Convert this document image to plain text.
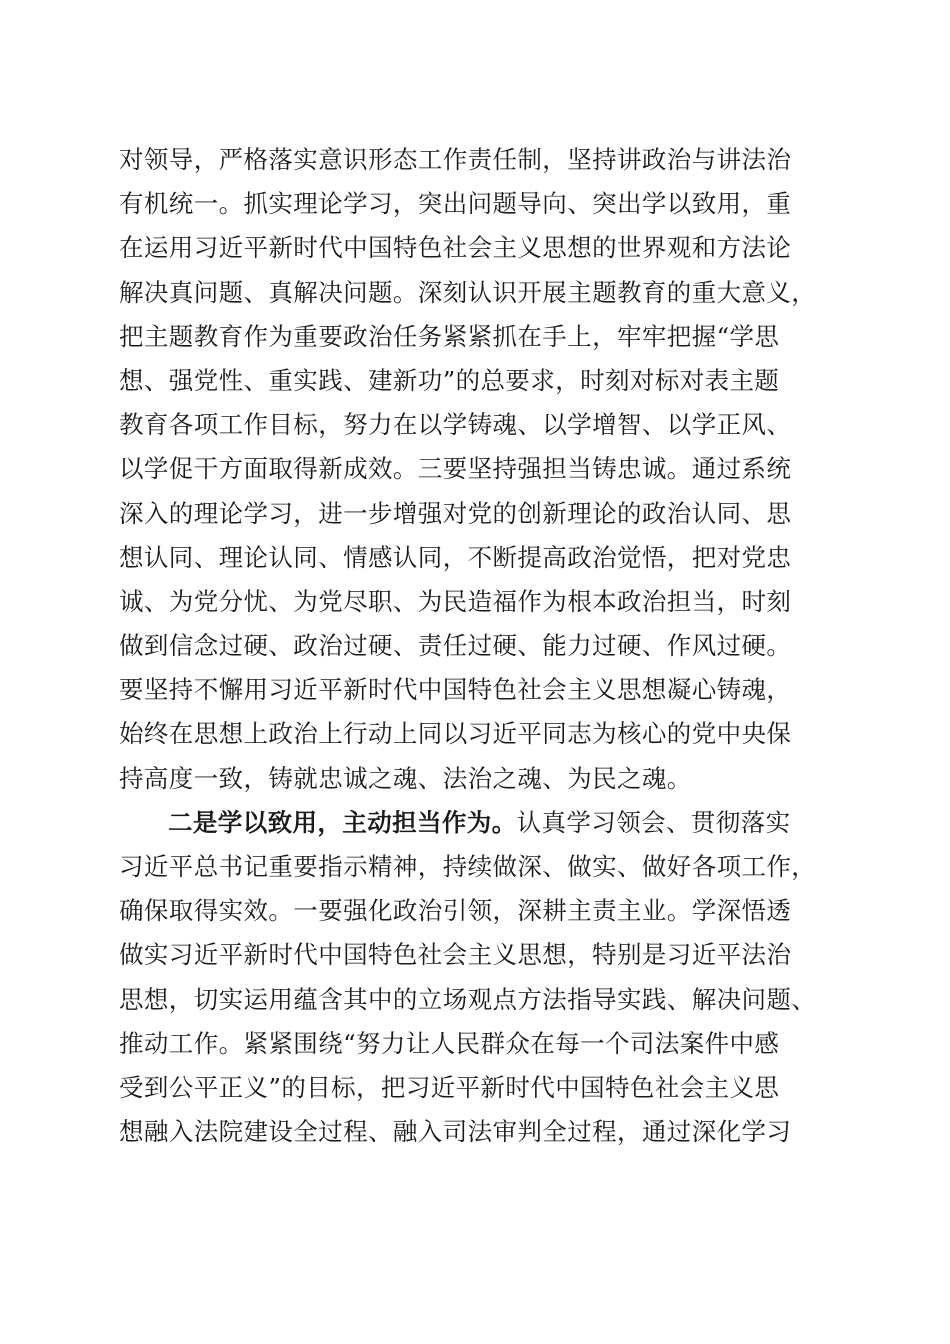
对领导，严格落实意识形态工作责任制，坚持讲政治与讲法治
有机统一。抓实理论学习，突出问题导向、突出学以致用，重
在运用习近平新时代中国特色社会主义思想的世界观和方法论
解决真问题、真解决问题。深刻认识开展主题教育的重大意义，
把主题教育作为重要政治任务紧紧抓在手上，牢牢把握“学思
想、强党性、重实践、建新功”的总要求，时刻对标对表主题
教育各项工作目标，努力在以学铸魂、以学增智、以学正风、
以学促干方面取得新成效。三要坚持强担当铸忠诚。通过系统
深入的理论学习，进一步增强对党的创新理论的政治认同、思
想认同、理论认同、情感认同，不断提高政治觉悟，把对党忠
诚、为党分忧、为党尽职、为民造福作为根本政治担当，时刻
做到信念过硬、政治过硬、责任过硬、能力过硬、作风过硬。
要坚持不懈用习近平新时代中国特色社会主义思想凝心铸魂，
始终在思想上政治上行动上同以习近平同志为核心的党中央保
持高度一致，铸就忠诚之魂、法治之魂、为民之魂。
二是学以致用，主动担当作为。认真学习领会、贯彻落实
习近平总书记重要指示精神，持续做深、做实、做好各项工作，
确保取得实效。一要强化政治引领，深耕主责主业。学深悟透
做实习近平新时代中国特色社会主义思想，特别是习近平法治
思想，切实运用蕴含其中的立场观点方法指导实践、解决问题、
推动工作。紧紧围绕“努力让人民群众在每一个司法案件中感
受到公平正义”的目标，把习近平新时代中国特色社会主义思
想融入法院建设全过程、融入司法审判全过程，通过深化学习
